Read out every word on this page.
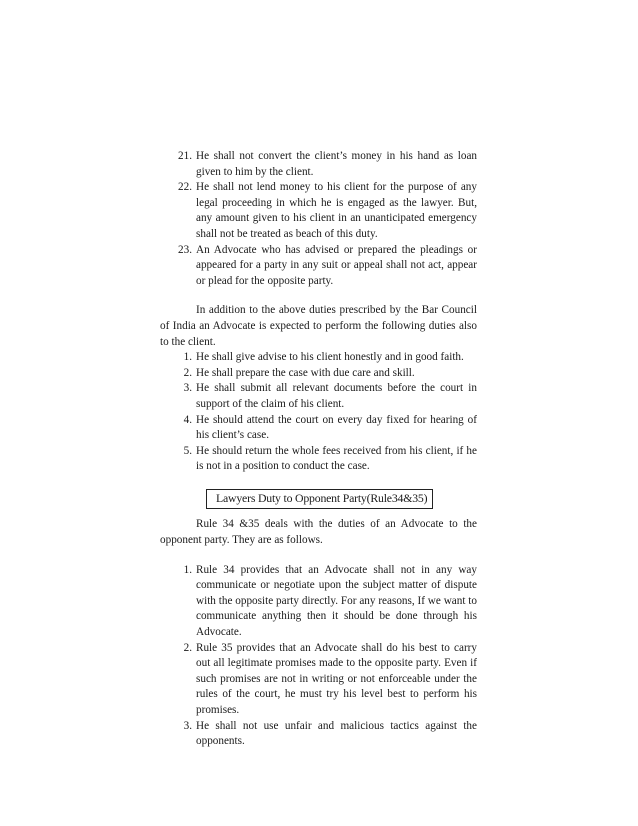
21. He shall not convert the client’s money in his hand as loan given to him by the client.
22. He shall not lend money to his client for the purpose of any legal proceeding in which he is engaged as the lawyer. But, any amount given to his client in an unanticipated emergency shall not be treated as beach of this duty.
23. An Advocate who has advised or prepared the pleadings or appeared for a party in any suit or appeal shall not act, appear or plead for the opposite party.

In addition to the above duties prescribed by the Bar Council of India an Advocate is expected to perform the following duties also to the client.

1. He shall give advise to his client honestly and in good faith.
2. He shall prepare the case with due care and skill.
3. He shall submit all relevant documents before the court in support of the claim of his client.
4. He should attend the court on every day fixed for hearing of his client’s case.
5. He should return the whole fees received from his client, if he is not in a position to conduct the case.
Lawyers Duty to Opponent Party(Rule34&35)

Rule 34 &35 deals with the duties of an Advocate to the opponent party. They are as follows.

1. Rule 34 provides that an Advocate shall not in any way communicate or negotiate upon the subject matter of dispute with the opposite party directly. For any reasons, If we want to communicate anything then it should be done through his Advocate.
2. Rule 35 provides that an Advocate shall do his best to carry out all legitimate promises made to the opposite party. Even if such promises are not in writing or not enforceable under the rules of the court, he must try his level best to perform his promises.
3. He shall not use unfair and malicious tactics against the opponents.
